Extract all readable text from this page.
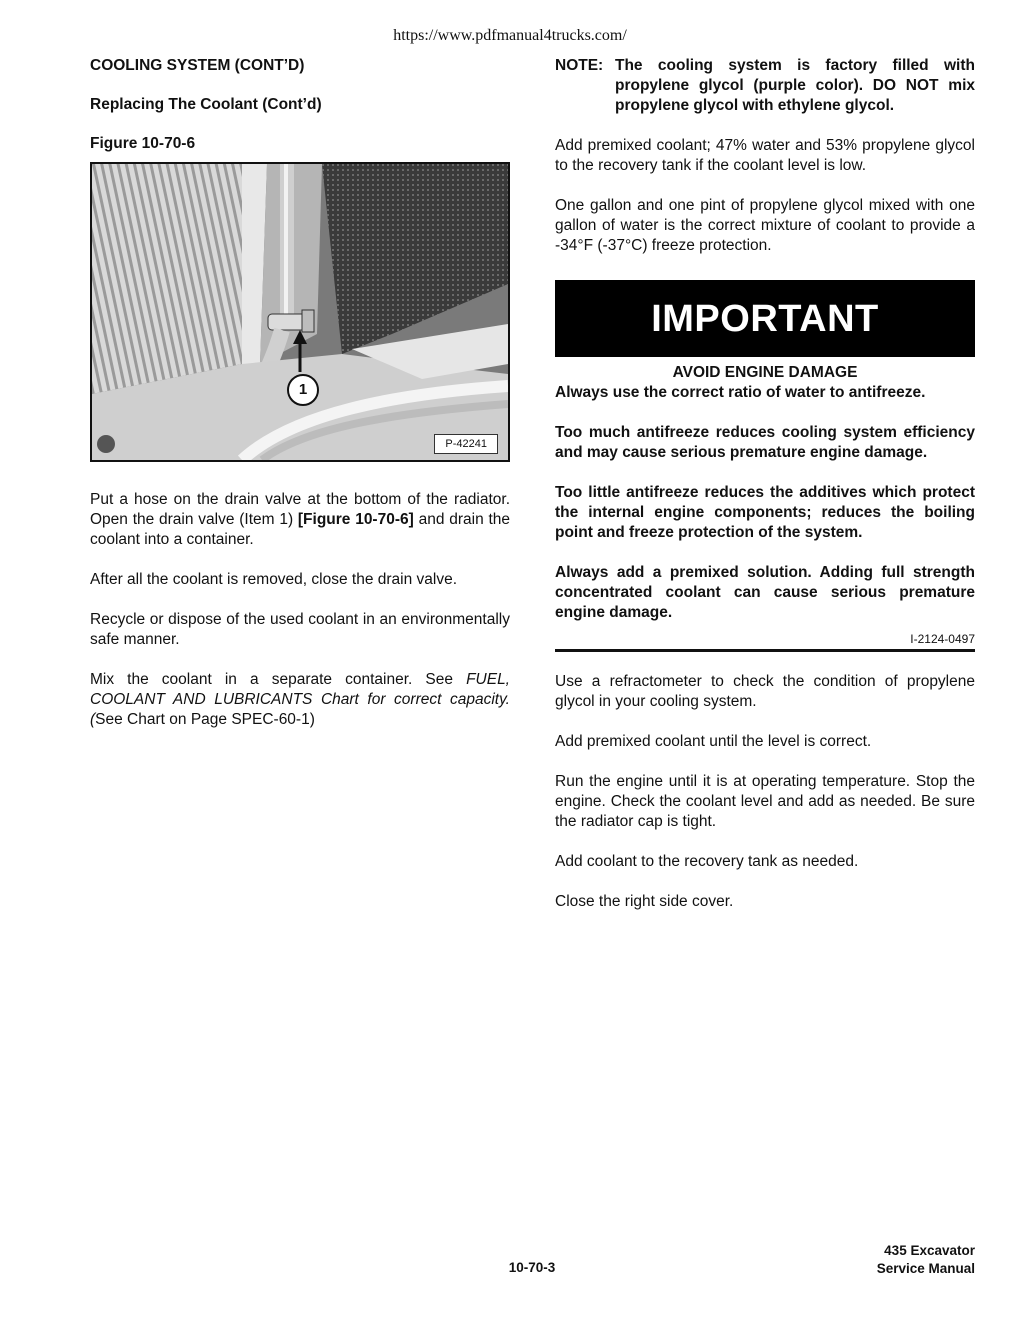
https://www.pdfmanual4trucks.com/
COOLING SYSTEM (CONT’D)
Replacing The Coolant (Cont’d)
Figure 10-70-6
1
P-42241

Put a hose on the drain valve at the bottom of the radiator. Open the drain valve (Item 1) [Figure 10-70-6] and drain the coolant into a container.

After all the coolant is removed, close the drain valve.

Recycle or dispose of the used coolant in an environmentally safe manner.

Mix the coolant in a separate container. See FUEL, COOLANT AND LUBRICANTS Chart for correct capacity. (See Chart on Page SPEC-60-1)

NOTE: The cooling system is factory filled with propylene glycol (purple color). DO NOT mix propylene glycol with ethylene glycol.

Add premixed coolant; 47% water and 53% propylene glycol to the recovery tank if the coolant level is low.

One gallon and one pint of propylene glycol mixed with one gallon of water is the correct mixture of coolant to provide a -34°F (-37°C) freeze protection.

IMPORTANT
AVOID ENGINE DAMAGE

Always use the correct ratio of water to antifreeze.

Too much antifreeze reduces cooling system efficiency and may cause serious premature engine damage.

Too little antifreeze reduces the additives which protect the internal engine components; reduces the boiling point and freeze protection of the system.

Always add a premixed solution. Adding full strength concentrated coolant can cause serious premature engine damage.

I-2124-0497

Use a refractometer to check the condition of propylene glycol in your cooling system.

Add premixed coolant until the level is correct.

Run the engine until it is at operating temperature. Stop the engine. Check the coolant level and add as needed. Be sure the radiator cap is tight.

Add coolant to the recovery tank as needed.

Close the right side cover.

10-70-3
435 Excavator
Service Manual
